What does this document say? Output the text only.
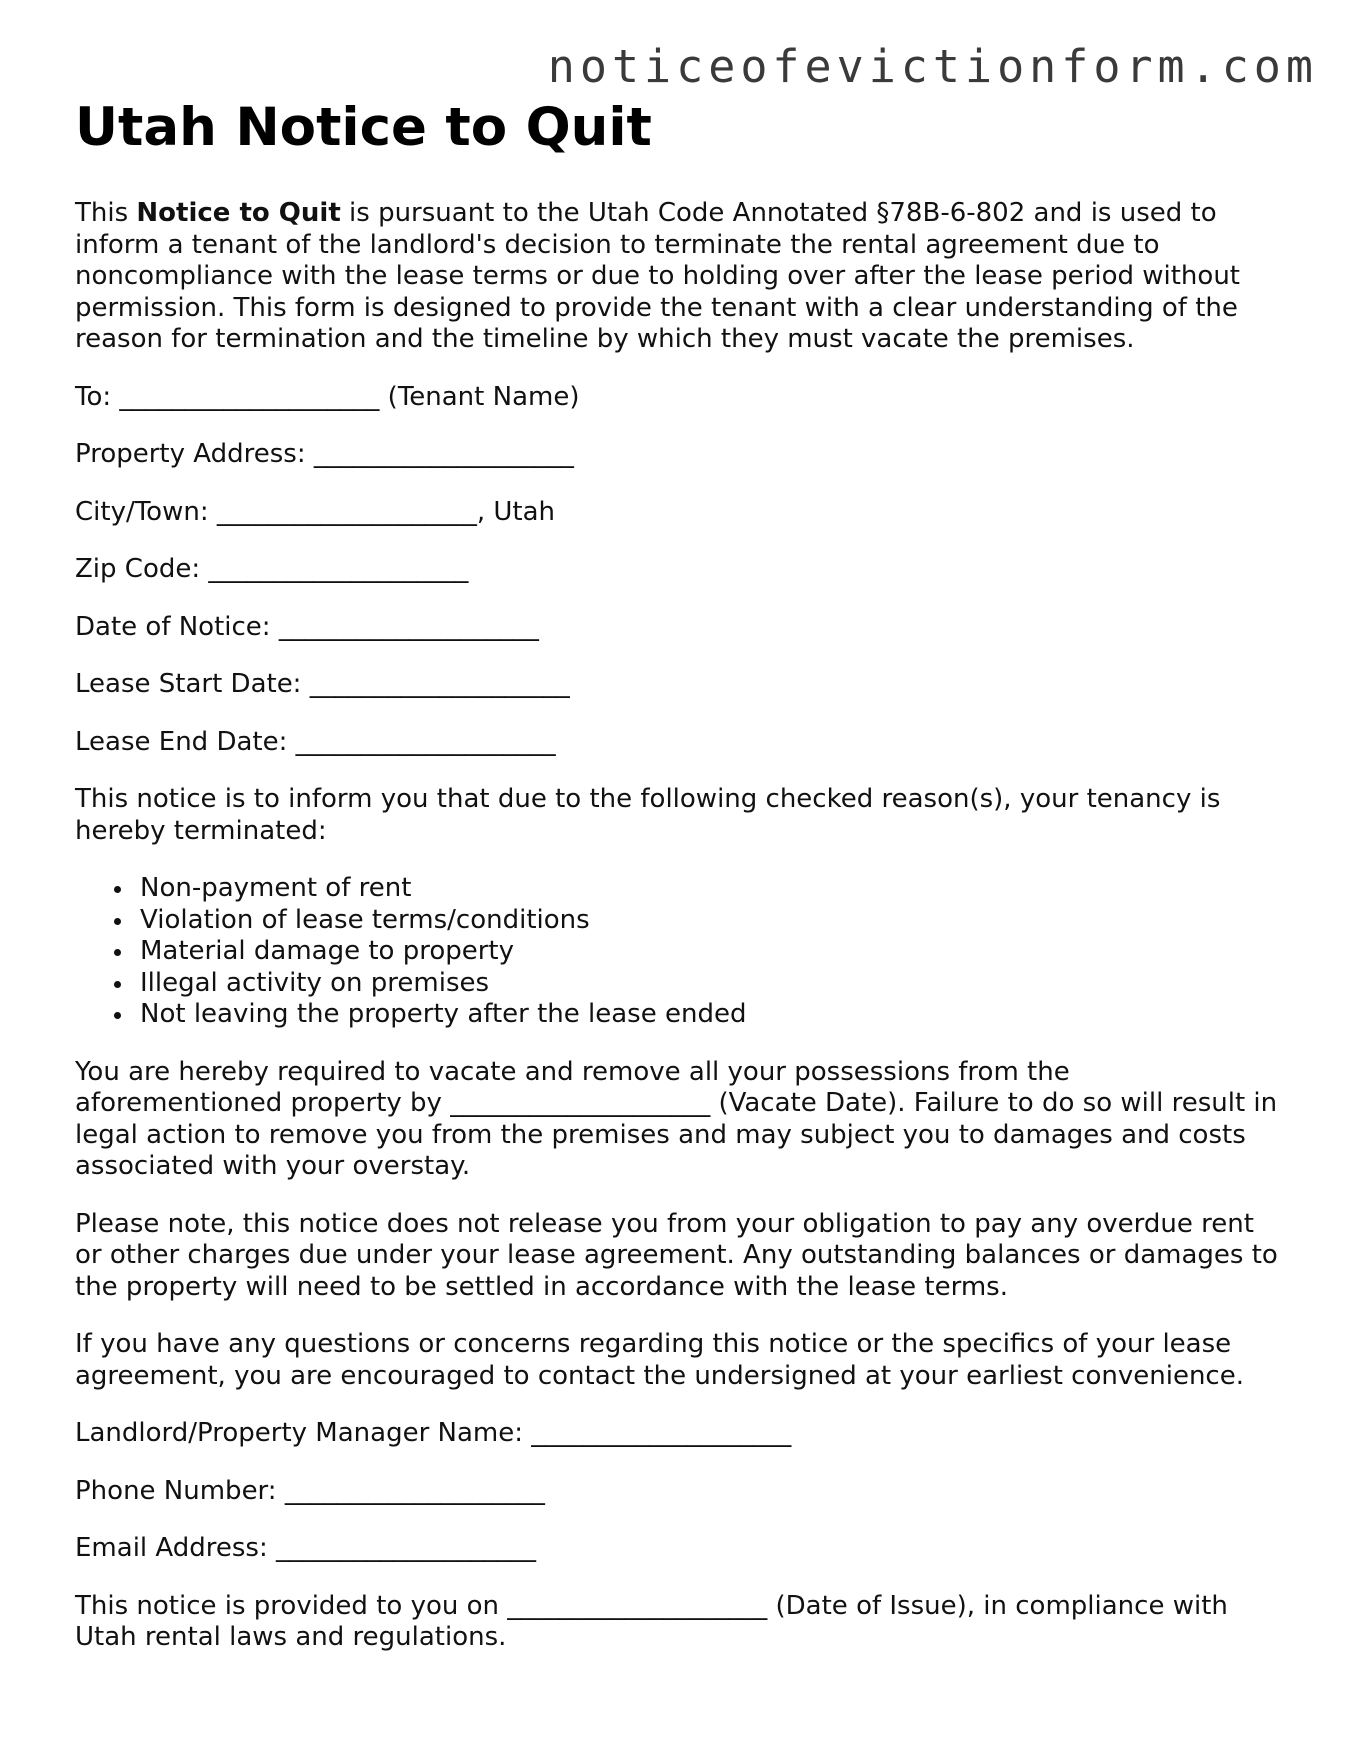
noticeofevictionform.com
Utah Notice to Quit

This Notice to Quit is pursuant to the Utah Code Annotated §78B-6-802 and is used to inform a tenant of the landlord's decision to terminate the rental agreement due to noncompliance with the lease terms or due to holding over after the lease period without permission. This form is designed to provide the tenant with a clear understanding of the reason for termination and the timeline by which they must vacate the premises.

To: ____________________ (Tenant Name)

Property Address: ____________________

City/Town: ____________________, Utah

Zip Code: ____________________

Date of Notice: ____________________

Lease Start Date: ____________________

Lease End Date: ____________________

This notice is to inform you that due to the following checked reason(s), your tenancy is hereby terminated:

Non-payment of rent
Violation of lease terms/conditions
Material damage to property
Illegal activity on premises
Not leaving the property after the lease ended

You are hereby required to vacate and remove all your possessions from the aforementioned property by ____________________ (Vacate Date). Failure to do so will result in legal action to remove you from the premises and may subject you to damages and costs associated with your overstay.

Please note, this notice does not release you from your obligation to pay any overdue rent or other charges due under your lease agreement. Any outstanding balances or damages to the property will need to be settled in accordance with the lease terms.

If you have any questions or concerns regarding this notice or the specifics of your lease agreement, you are encouraged to contact the undersigned at your earliest convenience.

Landlord/Property Manager Name: ____________________

Phone Number: ____________________

Email Address: ____________________

This notice is provided to you on ____________________ (Date of Issue), in compliance with Utah rental laws and regulations.
